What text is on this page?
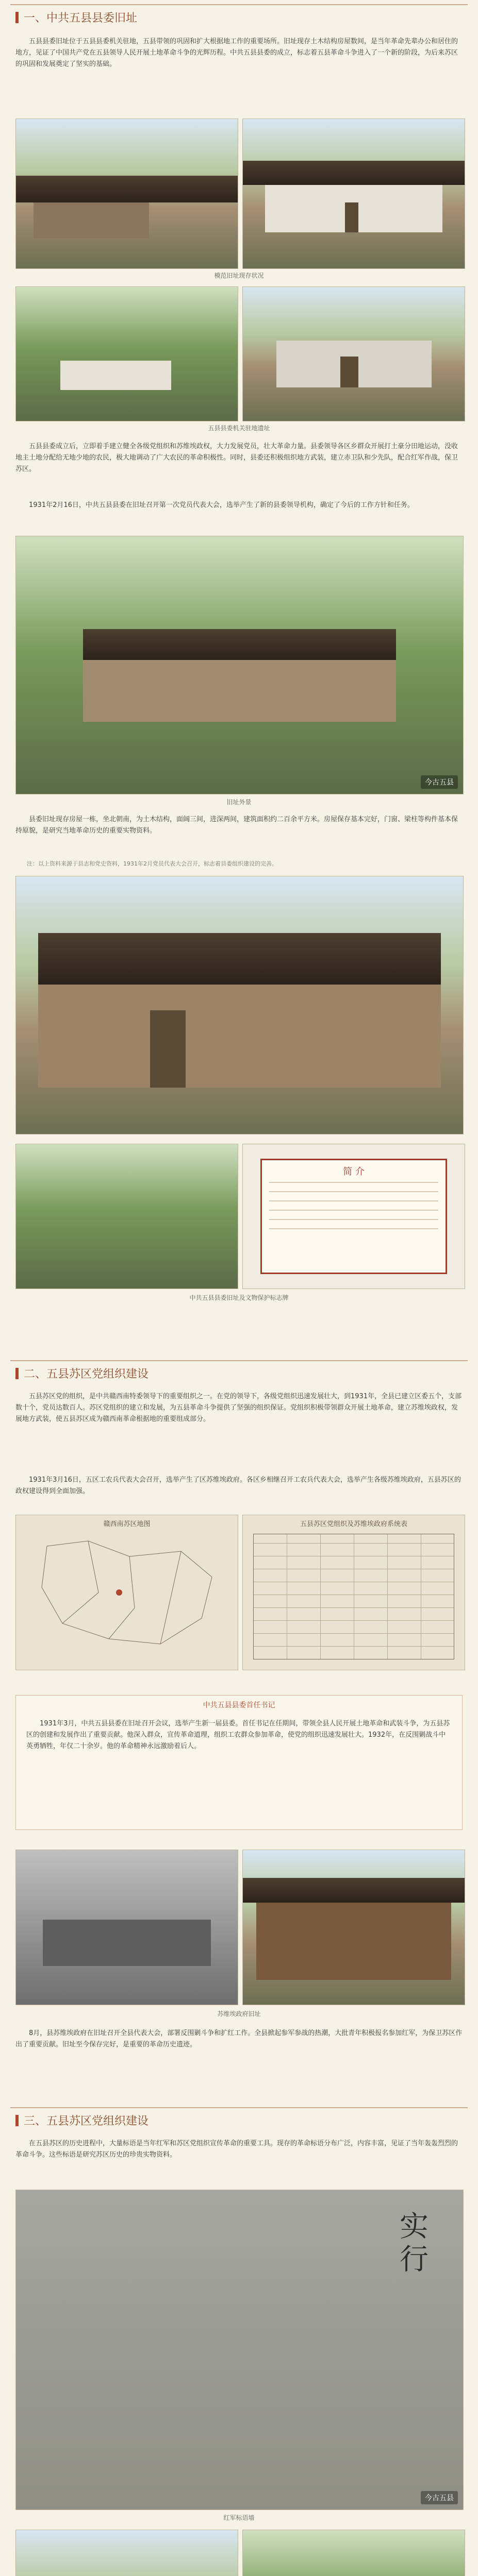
一、中共五县县委旧址

五县县委旧址位于五县县委机关驻地，五县带领的巩固和扩大根据地工作的重要场所。旧址现存土木结构房屋数间，是当年革命先辈办公和居住的地方，见证了中国共产党在五县领导人民开展土地革命斗争的光辉历程。中共五县县委的成立，标志着五县革命斗争进入了一个新的阶段，为后来苏区的巩固和发展奠定了坚实的基础。

模范旧址现存状况
五县县委机关驻地遗址

五县县委成立后，立即着手建立健全各级党组织和苏维埃政权，大力发展党员，壮大革命力量。县委领导各区乡群众开展打土豪分田地运动，没收地主土地分配给无地少地的农民，极大地调动了广大农民的革命积极性。同时，县委还积极组织地方武装，建立赤卫队和少先队，配合红军作战，保卫苏区。

1931年2月16日，中共五县县委在旧址召开第一次党员代表大会，选举产生了新的县委领导机构，确定了今后的工作方针和任务。

今古五县
旧址外景

县委旧址现存房屋一栋，坐北朝南，为土木结构，面阔三间，进深两间，建筑面积约二百余平方米。房屋保存基本完好，门窗、梁柱等构件基本保持原貌，是研究当地革命历史的重要实物资料。

注：以上资料来源于县志和党史资料，1931年2月党员代表大会召开，标志着县委组织建设的完善。

简 介
中共五县县委旧址及文物保护标志牌
二、五县苏区党组织建设

五县苏区党的组织，是中共赣西南特委领导下的重要组织之一。在党的领导下，各级党组织迅速发展壮大，到1931年，全县已建立区委五个，支部数十个，党员达数百人。苏区党组织的建立和发展，为五县革命斗争提供了坚强的组织保证。党组织积极带领群众开展土地革命，建立苏维埃政权，发展地方武装，使五县苏区成为赣西南革命根据地的重要组成部分。

1931年3月16日，五区工农兵代表大会召开，选举产生了区苏维埃政府。各区乡相继召开工农兵代表大会，选举产生各级苏维埃政府，五县苏区的政权建设得到全面加强。

赣西南苏区地图	五县苏区党组织及苏维埃政府系统表
中共五县县委首任书记

1931年3月，中共五县县委在旧址召开会议，选举产生新一届县委。首任书记在任期间，带领全县人民开展土地革命和武装斗争，为五县苏区的创建和发展作出了重要贡献。他深入群众，宣传革命道理，组织工农群众参加革命，使党的组织迅速发展壮大。1932年，在反围剿战斗中英勇牺牲，年仅二十余岁。他的革命精神永远激励着后人。

苏维埃政府旧址

8月，县苏维埃政府在旧址召开全县代表大会，部署反围剿斗争和扩红工作。全县掀起参军参战的热潮，大批青年积极报名参加红军，为保卫苏区作出了重要贡献。旧址至今保存完好，是重要的革命历史遗迹。

三、五县苏区党组织建设

在五县苏区的历史进程中，大量标语是当年红军和苏区党组织宣传革命的重要工具。现存的革命标语分布广泛，内容丰富，见证了当年轰轰烈烈的革命斗争。这些标语是研究苏区历史的珍贵实物资料。

实行
今古五县
红军标语墙
